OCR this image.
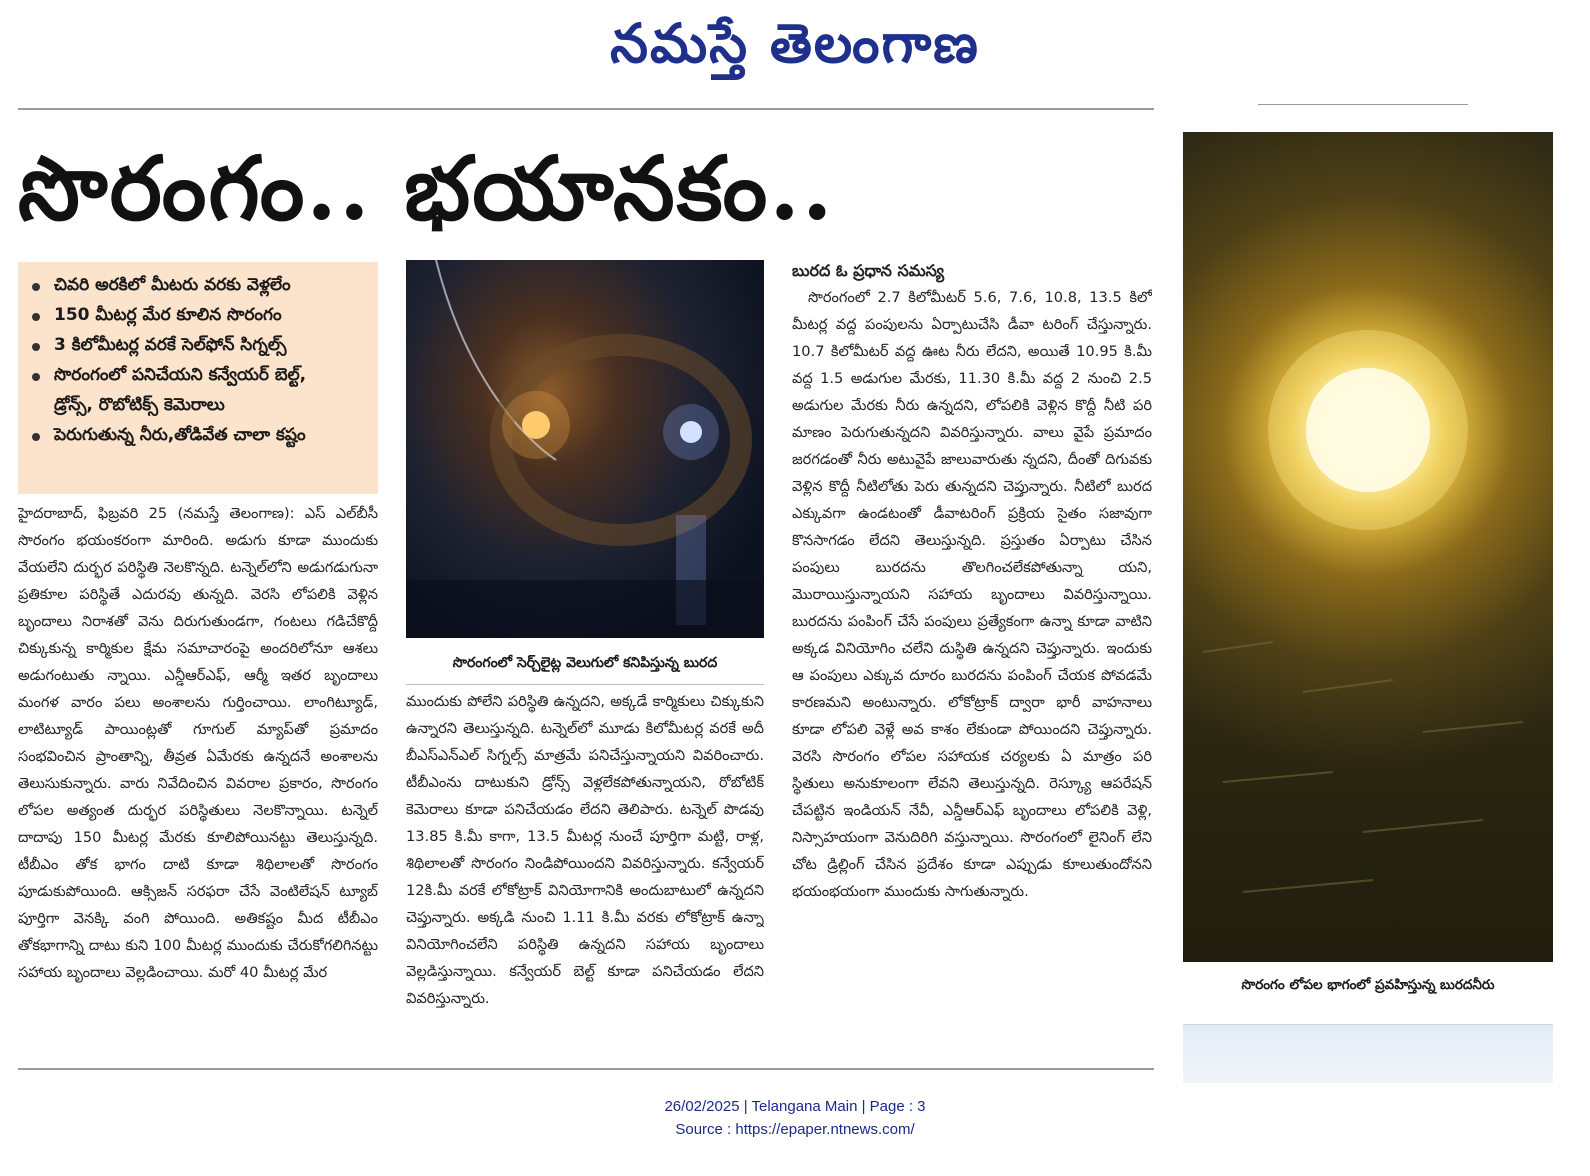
నమస్తే తెలంగాణ
సొరంగం.. భయానకం..
చివరి అరకిలో మీటరు వరకు వెళ్లలేం
150 మీటర్ల మేర కూలిన సొరంగం
3 కిలోమీటర్ల వరకే సెల్‌ఫోన్ సిగ్నల్స్
సొరంగంలో పనిచేయని కన్వేయర్ బెల్ట్,
డ్రోన్స్, రొబోటిక్స్ కెమెరాలు
పెరుగుతున్న నీరు,తోడివేత చాలా కష్టం

హైదరాబాద్, ఫిబ్రవరి 25 (నమస్తే తెలంగాణ): ఎస్ ఎల్‌బీసీ సొరంగం భయంకరంగా మారింది. అడుగు కూడా ముందుకు వేయలేని దుర్భర పరిస్థితి నెలకొన్నది. టన్నెల్‌లోని అడుగడుగునా ప్రతికూల పరిస్థితే ఎదురవు తున్నది. వెరసి లోపలికి వెళ్లిన బృందాలు నిరాశతో వెను దిరుగుతుండగా, గంటలు గడిచేకొద్దీ చిక్కుకున్న కార్మికుల క్షేమ సమాచారంపై అందరిలోనూ ఆశలు అడుగంటుతు న్నాయి. ఎన్డీఆర్ఎఫ్, ఆర్మీ ఇతర బృందాలు మంగళ వారం పలు అంశాలను గుర్తించాయి. లాంగిట్యూడ్, లాటిట్యూడ్ పాయింట్లతో గూగుల్ మ్యాప్‌తో ప్రమాదం సంభవించిన ప్రాంతాన్ని, తీవ్రత ఏమేరకు ఉన్నదనే అంశాలను తెలుసుకున్నారు. వారు నివేదించిన వివరాల ప్రకారం, సొరంగం లోపల అత్యంత దుర్భర పరిస్థితులు నెలకొన్నాయి. టన్నెల్ దాదాపు 150 మీటర్ల మేరకు కూలిపోయినట్టు తెలుస్తున్నది. టీబీఎం తోక భాగం దాటి కూడా శిథిలాలతో సొరంగం పూడుకుపోయింది. ఆక్సిజన్ సరఫరా చేసే వెంటిలేషన్ ట్యూబ్ పూర్తిగా వెనక్కి వంగి పోయింది. అతికష్టం మీద టీబీఎం తోకభాగాన్ని దాటు కుని 100 మీటర్ల ముందుకు చేరుకోగలిగినట్టు సహాయ బృందాలు వెల్లడించాయి. మరో 40 మీటర్ల మేర

సొరంగంలో సెర్చ్‌లైట్ల వెలుగులో కనిపిస్తున్న బురద

ముందుకు పోలేని పరిస్థితి ఉన్నదని, అక్కడే కార్మికులు చిక్కుకుని ఉన్నారని తెలుస్తున్నది. టన్నెల్‌లో మూడు కిలోమీటర్ల వరకే అదీ బీఎస్ఎన్ఎల్ సిగ్నల్స్ మాత్రమే పనిచేస్తున్నాయని వివరించారు. టీబీఎంను దాటుకుని డ్రోన్స్ వెళ్లలేకపోతున్నాయని, రోబోటిక్ కెమెరాలు కూడా పనిచేయడం లేదని తెలిపారు. టన్నెల్ పొడవు 13.85 కి.మీ కాగా, 13.5 మీటర్ల నుంచే పూర్తిగా మట్టి, రాళ్ల, శిథిలాలతో సొరంగం నిండిపోయిందని వివరిస్తున్నారు. కన్వేయర్ 12కి.మీ వరకే లోకోట్రాక్ వినియోగానికి అందుబాటులో ఉన్నదని చెప్తున్నారు. అక్కడి నుంచి 1.11 కి.మీ వరకు లోకోట్రాక్ ఉన్నా వినియోగించలేని పరిస్థితి ఉన్నదని సహాయ బృందాలు వెల్లడిస్తున్నాయి. కన్వేయర్ బెల్ట్ కూడా పనిచేయడం లేదని వివరిస్తున్నారు.

బురద ఓ ప్రధాన సమస్య

సొరంగంలో 2.7 కిలోమీటర్ 5.6, 7.6, 10.8, 13.5 కిలో మీటర్ల వద్ద పంపులను ఏర్పాటుచేసి డీవా టరింగ్ చేస్తున్నారు. 10.7 కిలోమీటర్ వద్ద ఊట నీరు లేదని, అయితే 10.95 కి.మీ వద్ద 1.5 అడుగుల మేరకు, 11.30 కి.మీ వద్ద 2 నుంచి 2.5 అడుగుల మేరకు నీరు ఉన్నదని, లోపలికి వెళ్లిన కొద్దీ నీటి పరి మాణం పెరుగుతున్నదని వివరిస్తున్నారు. వాలు వైపే ప్రమాదం జరగడంతో నీరు అటువైపే జాలువారుతు న్నదని, దీంతో దిగువకు వెళ్లిన కొద్దీ నీటిలోతు పెరు తున్నదని చెప్తున్నారు. నీటిలో బురద ఎక్కువగా ఉండటంతో డీవాటరింగ్ ప్రక్రియ సైతం సజావుగా కొనసాగడం లేదని తెలుస్తున్నది. ప్రస్తుతం ఏర్పాటు చేసిన పంపులు బురదను తొలగించలేకపోతున్నా యని, మొరాయిస్తున్నాయని సహాయ బృందాలు వివరిస్తున్నాయి. బురదను పంపింగ్ చేసే పంపులు ప్రత్యేకంగా ఉన్నా కూడా వాటిని అక్కడ వినియోగిం చలేని దుస్థితి ఉన్నదని చెప్తున్నారు. ఇందుకు ఆ పంపులు ఎక్కువ దూరం బురదను పంపింగ్ చేయక పోవడమే కారణమని అంటున్నారు. లోకోట్రాక్ ద్వారా భారీ వాహనాలు కూడా లోపలి వెళ్లే అవ కాశం లేకుండా పోయిందని చెప్తున్నారు. వెరసి సొరంగం లోపల సహాయక చర్యలకు ఏ మాత్రం పరి స్థితులు అనుకూలంగా లేవని తెలుస్తున్నది. రెస్క్యూ ఆపరేషన్ చేపట్టిన ఇండియన్ నేవీ, ఎన్డీఆర్ఎఫ్ బృందాలు లోపలికి వెళ్లి, నిస్సాహయంగా వెనుదిరిగి వస్తున్నాయి. సొరంగంలో లైనింగ్ లేని చోట డ్రిల్లింగ్ చేసిన ప్రదేశం కూడా ఎప్పుడు కూలుతుందోనని భయంభయంగా ముందుకు సాగుతున్నారు.

సొరంగం లోపల భాగంలో ప్రవహిస్తున్న బురదనీరు
26/02/2025 | Telangana Main | Page : 3
Source : https://epaper.ntnews.com/
